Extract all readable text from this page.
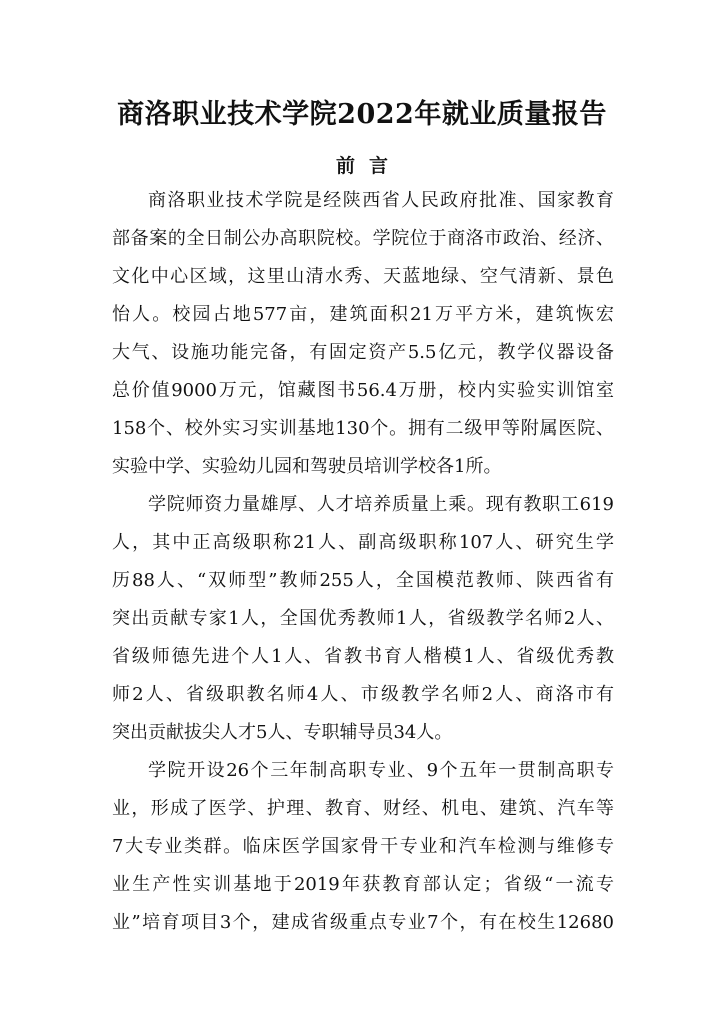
商洛职业技术学院2022年就业质量报告
前言
商洛职业技术学院是经陕西省人民政府批准、国家教育
部备案的全日制公办高职院校。学院位于商洛市政治、经济、
文化中心区域，这里山清水秀、天蓝地绿、空气清新、景色
怡人。校园占地577亩，建筑面积21万平方米，建筑恢宏
大气、设施功能完备，有固定资产5.5亿元，教学仪器设备
总价值9000万元，馆藏图书56.4万册，校内实验实训馆室
158个、校外实习实训基地130个。拥有二级甲等附属医院、
实验中学、实验幼儿园和驾驶员培训学校各1所。
学院师资力量雄厚、人才培养质量上乘。现有教职工619
人，其中正高级职称21人、副高级职称107人、研究生学
历88人、“双师型”教师255人，全国模范教师、陕西省有
突出贡献专家1人，全国优秀教师1人，省级教学名师2人、
省级师德先进个人1人、省教书育人楷模1人、省级优秀教
师2人、省级职教名师4人、市级教学名师2人、商洛市有
突出贡献拔尖人才5人、专职辅导员34人。
学院开设26个三年制高职专业、9个五年一贯制高职专
业，形成了医学、护理、教育、财经、机电、建筑、汽车等
7大专业类群。临床医学国家骨干专业和汽车检测与维修专
业生产性实训基地于2019年获教育部认定；省级“一流专
业”培育项目3个，建成省级重点专业7个，有在校生12680
